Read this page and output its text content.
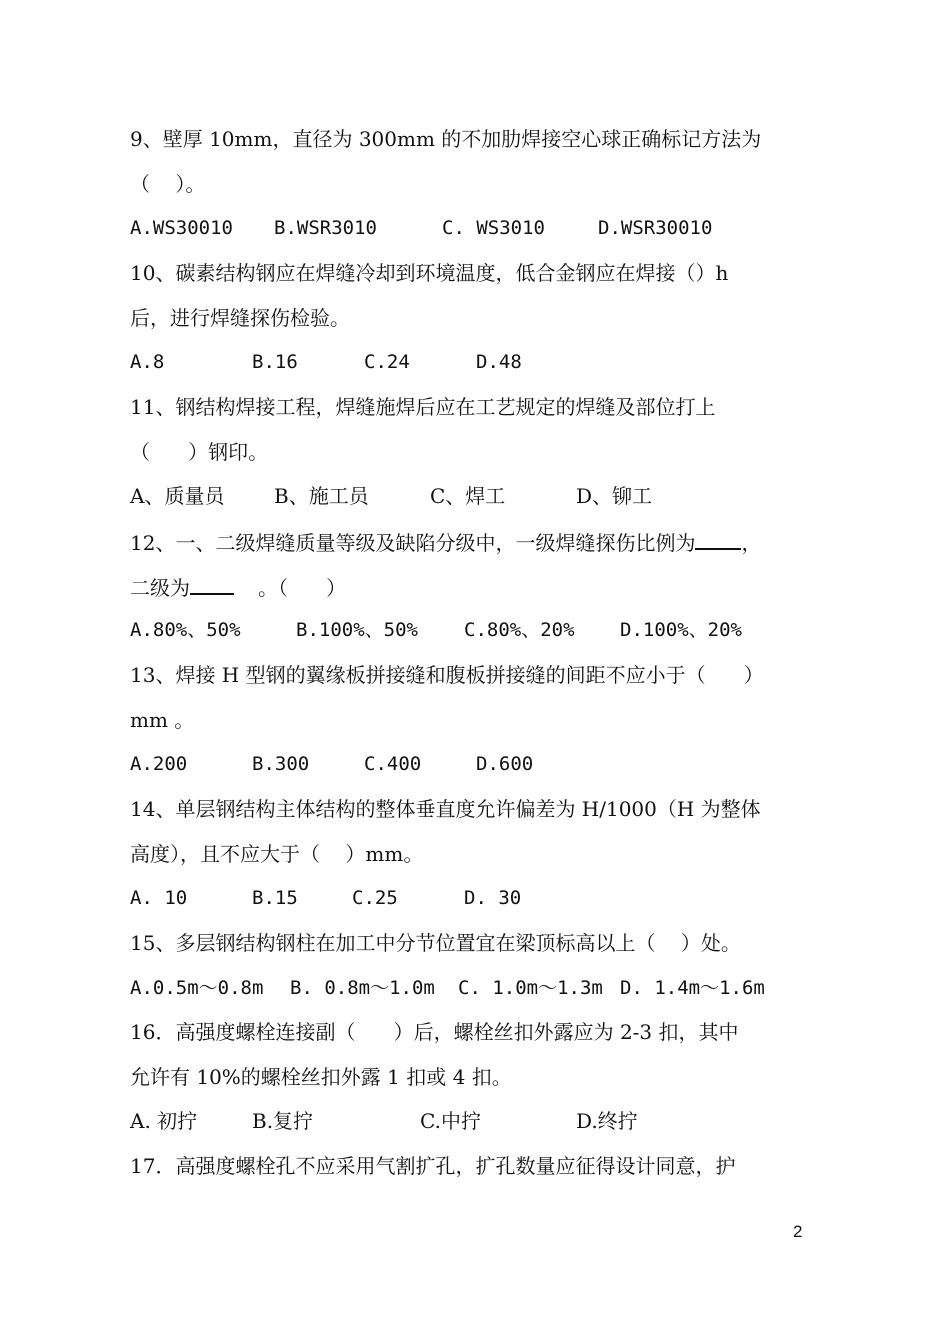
9、壁厚 10mm，直径为 300mm 的不加肋焊接空心球正确标记方法为
（    ）。
A.WS30010 B.WSR3010	C. WS3010	D.WSR30010
10、碳素结构钢应在焊缝冷却到环境温度，低合金钢应在焊接（）h
后，进行焊缝探伤检验。
A.8	B.16	C.24	D.48
11、钢结构焊接工程，焊缝施焊后应在工艺规定的焊缝及部位打上
（      ）钢印。
A、质量员 B、施工员	C、焊工	D、铆工
12、一、二级焊缝质量等级及缺陷分级中，一级焊缝探伤比例为 ，
二级为	。（      ）
A.80%、50%	B.100%、50% C.80%、20% D.100%、20%
13、焊接 H 型钢的翼缘板拼接缝和腹板拼接缝的间距不应小于（      ）
mm 。
A.200	B.300	C.400	D.600
14、单层钢结构主体结构的整体垂直度允许偏差为 H/1000（H 为整体
高度），且不应大于（    ）mm。
A. 10	B.15	C.25	D. 30
15、多层钢结构钢柱在加工中分节位置宜在梁顶标高以上（    ）处。
A.0.5m～0.8m B. 0.8m～1.0m C. 1.0m～1.3m D. 1.4m～1.6m
16．高强度螺栓连接副（      ）后，螺栓丝扣外露应为 2-3 扣，其中
允许有 10%的螺栓丝扣外露 1 扣或 4 扣。
A. 初拧	B.复拧	C.中拧	D.终拧
17．高强度螺栓孔不应采用气割扩孔，扩孔数量应征得设计同意，护
2
